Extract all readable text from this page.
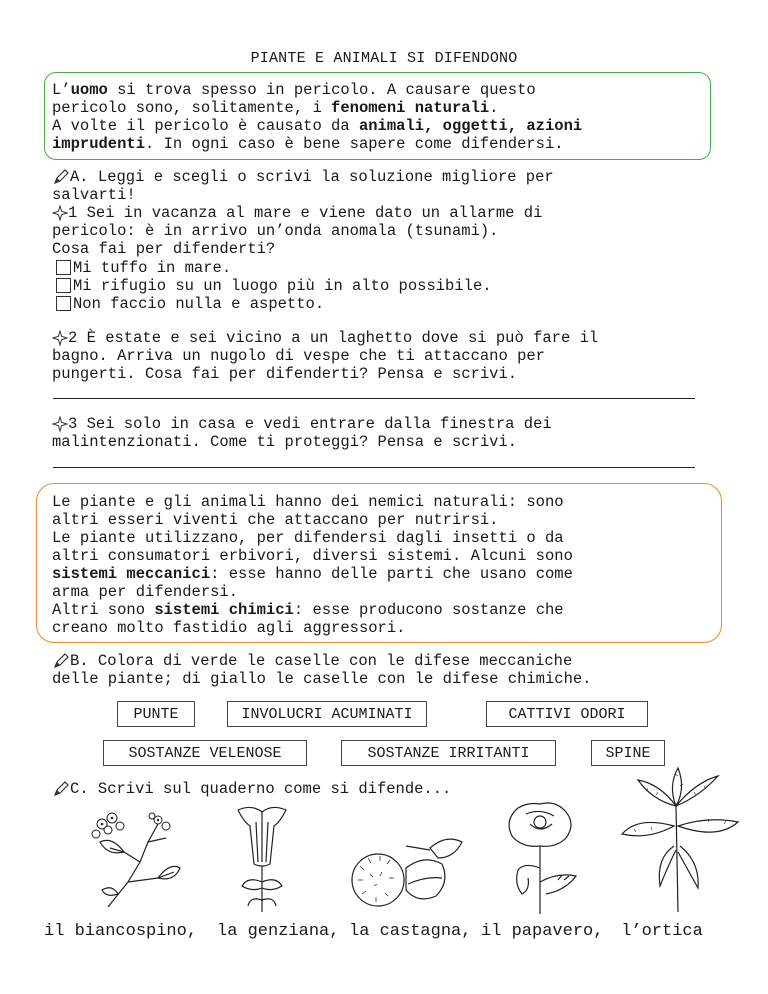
PIANTE E ANIMALI SI DIFENDONO
L’uomo si trova spesso in pericolo. A causare questo
pericolo sono, solitamente, i fenomeni naturali.
A volte il pericolo è causato da animali, oggetti, azioni
imprudenti. In ogni caso è bene sapere come difendersi.
A. Leggi e scegli o scrivi la soluzione migliore per
salvarti!
1 Sei in vacanza al mare e viene dato un allarme di
pericolo: è in arrivo un’onda anomala (tsunami).
Cosa fai per difenderti?
Mi tuffo in mare.
Mi rifugio su un luogo più in alto possibile.
Non faccio nulla e aspetto.
2 È estate e sei vicino a un laghetto dove si può fare il
bagno. Arriva un nugolo di vespe che ti attaccano per
pungerti. Cosa fai per difenderti? Pensa e scrivi.
3 Sei solo in casa e vedi entrare dalla finestra dei
malintenzionati. Come ti proteggi? Pensa e scrivi.
Le piante e gli animali hanno dei nemici naturali: sono
altri esseri viventi che attaccano per nutrirsi.
Le piante utilizzano, per difendersi dagli insetti o da
altri consumatori erbivori, diversi sistemi. Alcuni sono
sistemi meccanici: esse hanno delle parti che usano come
arma per difendersi.
Altri sono sistemi chimici: esse producono sostanze che
creano molto fastidio agli aggressori.
B. Colora di verde le caselle con le difese meccaniche
delle piante; di giallo le caselle con le difese chimiche.
PUNTE	INVOLUCRI ACUMINATI	CATTIVI ODORI
SOSTANZE VELENOSE	SOSTANZE IRRITANTI	SPINE
C. Scrivi sul quaderno come si difende...
il biancospino, la genziana, la castagna, il papavero, l’ortica
